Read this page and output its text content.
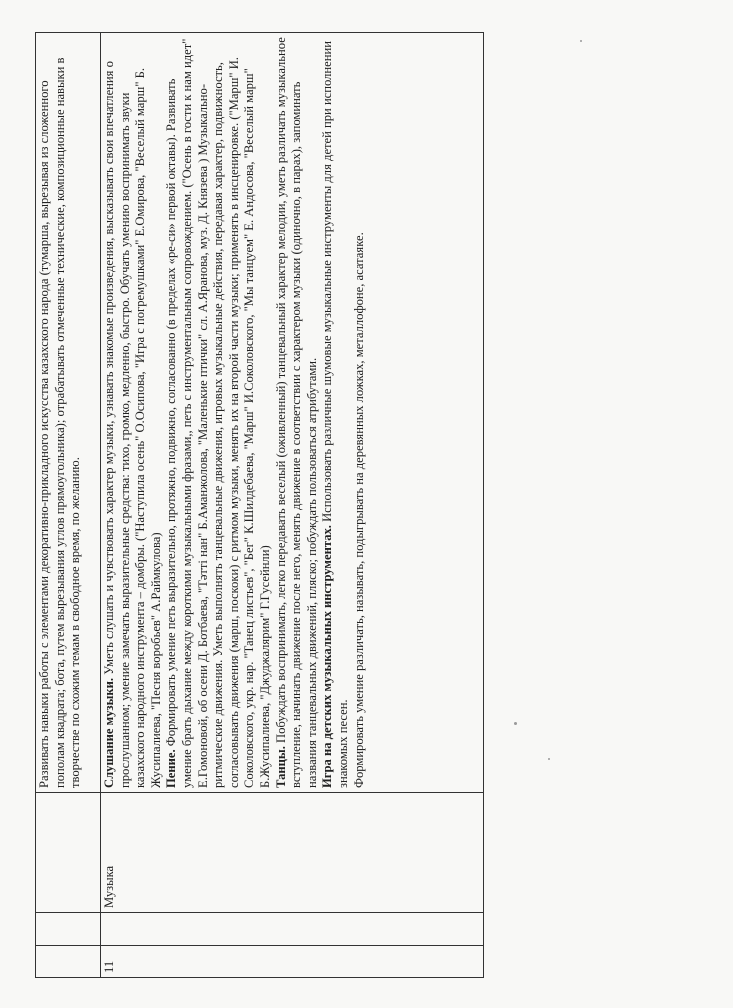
			Развивать навыки работы с элементами декоративно-прикладного искусства казахского народа (тумарша, вырезывая из сложенного пополам квадрата; бота, путем вырезывания углов прямоугольника); отрабатывать отмеченные технические, композиционные навыки в творчестве по схожим темам в свободное время, по желанию.
11		Музыка	Слушание музыки. Уметь слушать и чувствовать характер музыки, узнавать знакомые произведения, высказывать свои впечатления о прослушанном; умение замечать выразительные средства: тихо, громко, медленно, быстро. Обучать умению воспринимать звуки казахского народного инструмента – домбры. ("Наступила осень" О.Осипова, "Игра с погремушками" Е.Омирова, "Веселый марш" Б. Жусипалиева, "Песня воробьев" А.Раймкулова) Пение. Формировать умение петь выразительно, протяжно, подвижно, согласованно (в пределах «ре-си» первой октавы). Развивать умение брать дыхание между короткими музыкальными фразами,, петь с инструментальным сопровождением. ("Осень в гости к нам идет" Е.Гомоновой, об осени Д. Ботбаева, "Тәтті нан" Б.Аманжолова, "Маленькие птички" сл. А.Яранова, муз. Д. Князева ) Музыкально-ритмические движения. Уметь выполнять танцевальные движения, игровых музыкальные действия, передавая характер, подвижность, согласовывать движения (марш, поскоки) с ритмом музыки, менять их на второй части музыки; применять в инсценировке. ("Марш" И. Соколовского, укр. нар. "Танец листьев", "Бег" К.Шилдебаева, "Марш" И.Соколовского, "Мы танцуем" Е. Андосова, "Веселый марш" Б.Жусипалиева, "Джуджалярим" Г.Гусейнли) Танцы. Побуждать воспринимать, легко передавать веселый (оживленный) танцевальный характер мелодии, уметь различать музыкальное вступление, начинать движение после него, менять движение в соответствии с характером музыки (одиночно, в парах), запоминать названия танцевальных движений, пляско; побуждать пользоваться атрибутами. Игра на детских музыкальных инструментах. Использовать различные шумовые музыкальные инструменты для детей при исполнении знакомых песен. Формировать умение различать, называть, подыгрывать на деревянных ложках, металлофоне, асатаяке.
